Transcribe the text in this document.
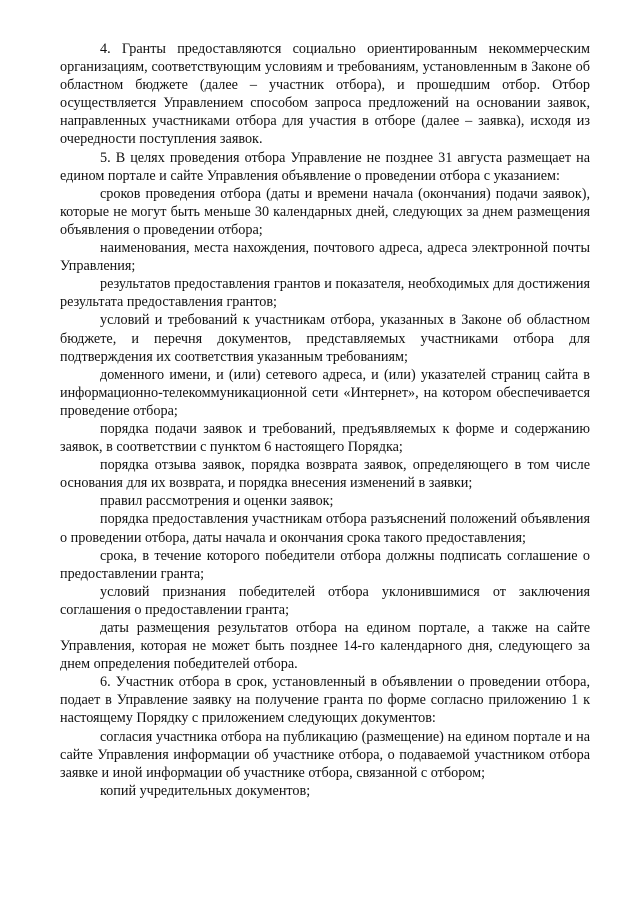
4. Гранты предоставляются социально ориентированным некоммерческим организациям, соответствующим условиям и требованиям, установленным в Законе об областном бюджете (далее – участник отбора), и прошедшим отбор. Отбор осуществляется Управлением способом запроса предложений на основании заявок, направленных участниками отбора для участия в отборе (далее – заявка), исходя из очередности поступления заявок.

5. В целях проведения отбора Управление не позднее 31 августа размещает на едином портале и сайте Управления объявление о проведении отбора с указанием:

сроков проведения отбора (даты и времени начала (окончания) подачи заявок), которые не могут быть меньше 30 календарных дней, следующих за днем размещения объявления о проведении отбора;

наименования, места нахождения, почтового адреса, адреса электронной почты Управления;

результатов предоставления грантов и показателя, необходимых для достижения результата предоставления грантов;

условий и требований к участникам отбора, указанных в Законе об областном бюджете, и перечня документов, представляемых участниками отбора для подтверждения их соответствия указанным требованиям;

доменного имени, и (или) сетевого адреса, и (или) указателей страниц сайта в информационно-телекоммуникационной сети «Интернет», на котором обеспечивается проведение отбора;

порядка подачи заявок и требований, предъявляемых к форме и содержанию заявок, в соответствии с пунктом 6 настоящего Порядка;

порядка отзыва заявок, порядка возврата заявок, определяющего в том числе основания для их возврата, и порядка внесения изменений в заявки;

правил рассмотрения и оценки заявок;

порядка предоставления участникам отбора разъяснений положений объявления о проведении отбора, даты начала и окончания срока такого предоставления;

срока, в течение которого победители отбора должны подписать соглашение о предоставлении гранта;

условий признания победителей отбора уклонившимися от заключения соглашения о предоставлении гранта;

даты размещения результатов отбора на едином портале, а также на сайте Управления, которая не может быть позднее 14-го календарного дня, следующего за днем определения победителей отбора.

6. Участник отбора в срок, установленный в объявлении о проведении отбора, подает в Управление заявку на получение гранта по форме согласно приложению 1 к настоящему Порядку с приложением следующих документов:

согласия участника отбора на публикацию (размещение) на едином портале и на сайте Управления информации об участнике отбора, о подаваемой участником отбора заявке и иной информации об участнике отбора, связанной с отбором;

копий учредительных документов;
